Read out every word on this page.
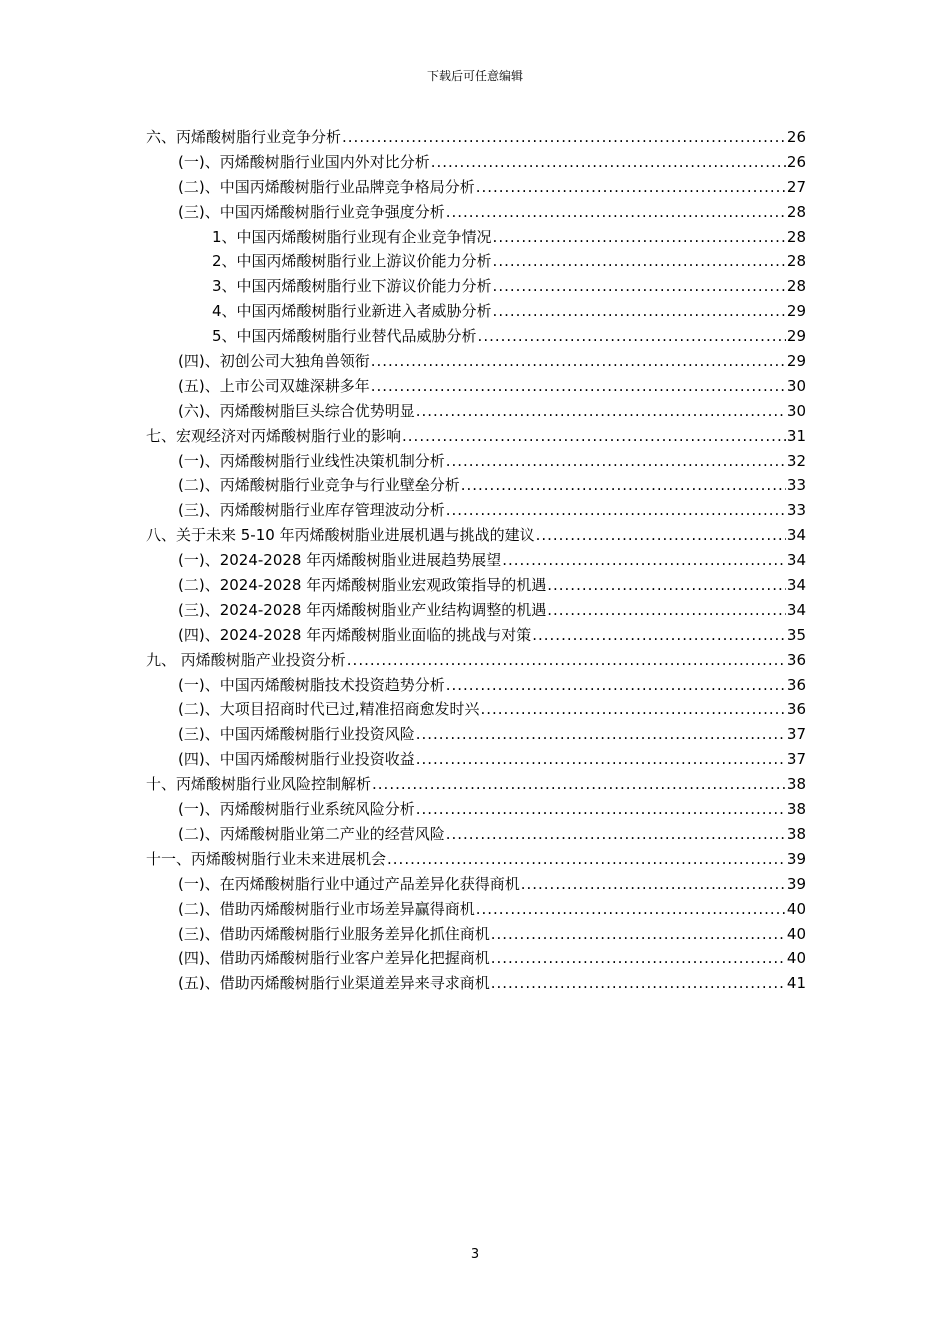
下载后可任意编辑
六、丙烯酸树脂行业竞争分析 .....	26
(一)、丙烯酸树脂行业国内外对比分析 .....	26
(二)、中国丙烯酸树脂行业品牌竞争格局分析 .....	27
(三)、中国丙烯酸树脂行业竞争强度分析 .....	28
1、中国丙烯酸树脂行业现有企业竞争情况 .....	28
2、中国丙烯酸树脂行业上游议价能力分析 .....	28
3、中国丙烯酸树脂行业下游议价能力分析 .....	28
4、中国丙烯酸树脂行业新进入者威胁分析 .....	29
5、中国丙烯酸树脂行业替代品威胁分析 .....	29
(四)、初创公司大独角兽领衔 .....	29
(五)、上市公司双雄深耕多年 .....	30
(六)、丙烯酸树脂巨头综合优势明显 .....	30
七、宏观经济对丙烯酸树脂行业的影响 .....	31
(一)、丙烯酸树脂行业线性决策机制分析 .....	32
(二)、丙烯酸树脂行业竞争与行业壁垒分析 .....	33
(三)、丙烯酸树脂行业库存管理波动分析 .....	33
八、关于未来 5-10 年丙烯酸树脂业进展机遇与挑战的建议 .....	34
(一)、2024-2028 年丙烯酸树脂业进展趋势展望 .....	34
(二)、2024-2028 年丙烯酸树脂业宏观政策指导的机遇 .....	34
(三)、2024-2028 年丙烯酸树脂业产业结构调整的机遇 .....	34
(四)、2024-2028 年丙烯酸树脂业面临的挑战与对策 .....	35
九、 丙烯酸树脂产业投资分析 .....	36
(一)、中国丙烯酸树脂技术投资趋势分析 .....	36
(二)、大项目招商时代已过,精准招商愈发时兴 .....	36
(三)、中国丙烯酸树脂行业投资风险 .....	37
(四)、中国丙烯酸树脂行业投资收益 .....	37
十、丙烯酸树脂行业风险控制解析 .....	38
(一)、丙烯酸树脂行业系统风险分析 .....	38
(二)、丙烯酸树脂业第二产业的经营风险 .....	38
十一、丙烯酸树脂行业未来进展机会 .....	39
(一)、在丙烯酸树脂行业中通过产品差异化获得商机 .....	39
(二)、借助丙烯酸树脂行业市场差异赢得商机 .....	40
(三)、借助丙烯酸树脂行业服务差异化抓住商机 .....	40
(四)、借助丙烯酸树脂行业客户差异化把握商机 .....	40
(五)、借助丙烯酸树脂行业渠道差异来寻求商机 .....	41
3
